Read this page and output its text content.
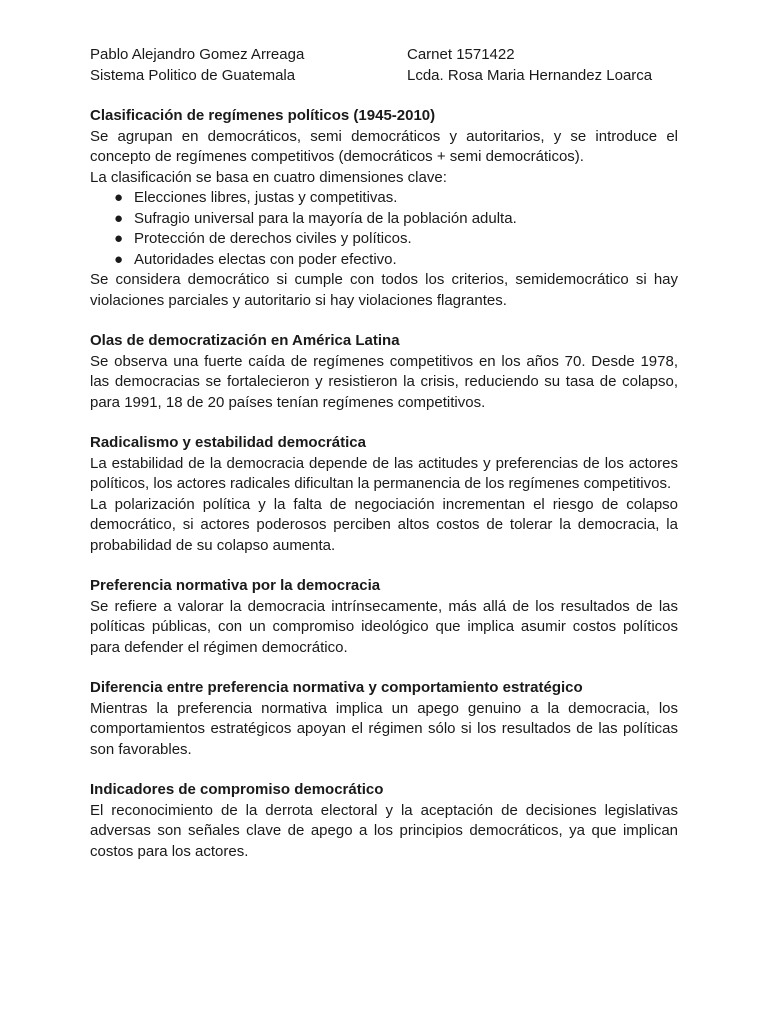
Pablo Alejandro Gomez Arreaga
Sistema Politico de Guatemala
Carnet 1571422
Lcda. Rosa Maria Hernandez Loarca
Clasificación de regímenes políticos (1945-2010)

Se agrupan en democráticos, semi democráticos y autoritarios, y se introduce el concepto de regímenes competitivos (democráticos + semi democráticos).

La clasificación se basa en cuatro dimensiones clave:

● Elecciones libres, justas y competitivas.
● Sufragio universal para la mayoría de la población adulta.
● Protección de derechos civiles y políticos.
● Autoridades electas con poder efectivo.

Se considera democrático si cumple con todos los criterios, semidemocrático si hay violaciones parciales y autoritario si hay violaciones flagrantes.

Olas de democratización en América Latina

Se observa una fuerte caída de regímenes competitivos en los años 70. Desde 1978, las democracias se fortalecieron y resistieron la crisis, reduciendo su tasa de colapso, para 1991, 18 de 20 países tenían regímenes competitivos.

Radicalismo y estabilidad democrática

La estabilidad de la democracia depende de las actitudes y preferencias de los actores políticos, los actores radicales dificultan la permanencia de los regímenes competitivos.

La polarización política y la falta de negociación incrementan el riesgo de colapso democrático, si actores poderosos perciben altos costos de tolerar la democracia, la probabilidad de su colapso aumenta.

Preferencia normativa por la democracia

Se refiere a valorar la democracia intrínsecamente, más allá de los resultados de las políticas públicas, con un compromiso ideológico que implica asumir costos políticos para defender el régimen democrático.

Diferencia entre preferencia normativa y comportamiento estratégico

Mientras la preferencia normativa implica un apego genuino a la democracia, los comportamientos estratégicos apoyan el régimen sólo si los resultados de las políticas son favorables.

Indicadores de compromiso democrático

El reconocimiento de la derrota electoral y la aceptación de decisiones legislativas adversas son señales clave de apego a los principios democráticos, ya que implican costos para los actores.
